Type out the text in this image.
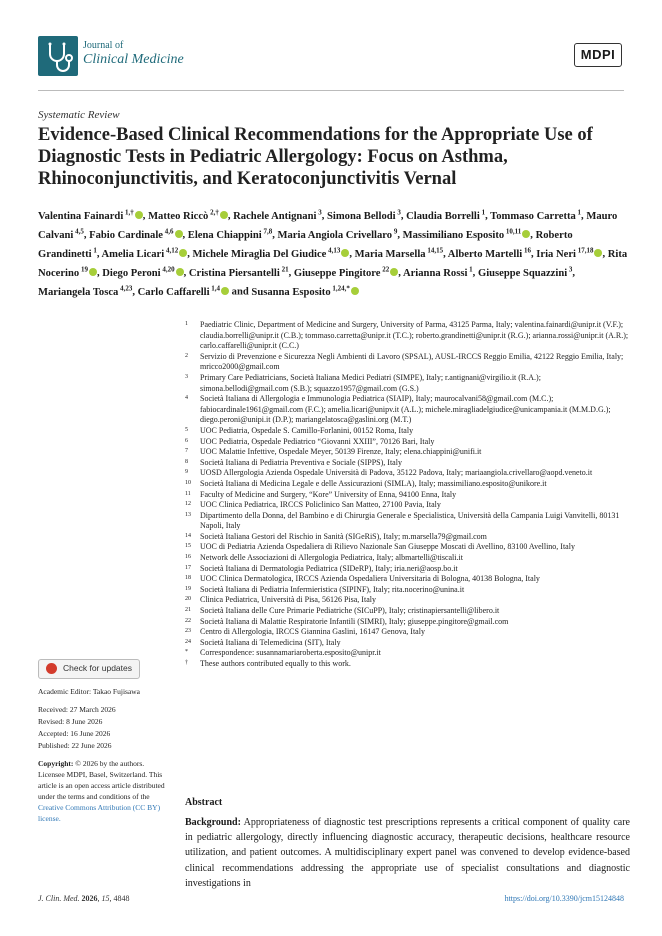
Journal of
Clinical Medicine	MDPI
Systematic Review
Evidence-Based Clinical Recommendations for the Appropriate Use of Diagnostic Tests in Pediatric Allergology: Focus on Asthma, Rhinoconjunctivitis, and Keratoconjunctivitis Vernal
Valentina Fainardi $^{1,\dagger}$ , Matteo Riccò $^{2,\dagger}$ , Rachele Antignani $^3$, Simona Bellodi $^3$, Claudia Borrelli $^1$, Tommaso Carretta $^1$, Mauro Calvani $^{4,5}$, Fabio Cardinale $^{4,6}$ , Elena Chiappini $^{7,8}$, Maria Angiola Crivellaro $^9$, Massimiliano Esposito $^{10,11}$ , Roberto Grandinetti $^1$, Amelia Licari $^{4,12}$ , Michele Miraglia Del Giudice $^{4,13}$ , Maria Marsella $^{14,15}$, Alberto Martelli $^{16}$, Iria Neri $^{17,18}$ , Rita Nocerino $^{19}$ , Diego Peroni $^{4,20}$ , Cristina Piersantelli $^{21}$, Giuseppe Pingitore $^{22}$ , Arianna Rossi $^1$, Giuseppe Squazzini $^3$, Mariangela Tosca $^{4,23}$, Carlo Caffarelli $^{1,4}$ and Susanna Esposito $^{1,24,*}$
1	Paediatric Clinic, Department of Medicine and Surgery, University of Parma, 43125 Parma, Italy; valentina.fainardi@unipr.it (V.F.); claudia.borrelli@unipr.it (C.B.); tommaso.carretta@unipr.it (T.C.); roberto.grandinetti@unipr.it (R.G.); arianna.rossi@unipr.it (A.R.); carlo.caffarelli@unipr.it (C.C.)
2	Servizio di Prevenzione e Sicurezza Negli Ambienti di Lavoro (SPSAL), AUSL-IRCCS Reggio Emilia, 42122 Reggio Emilia, Italy; mricco2000@gmail.com
3	Primary Care Pediatricians, Società Italiana Medici Pediatri (SIMPE), Italy; r.antignani@virgilio.it (R.A.); simona.bellodi@gmail.com (S.B.); squazzo1957@gmail.com (G.S.)
4	Società Italiana di Allergologia e Immunologia Pediatrica (SIAIP), Italy; maurocalvani58@gmail.com (M.C.); fabiocardinale1961@gmail.com (F.C.); amelia.licari@unipv.it (A.L.); michele.miragliadelgiudice@unicampania.it (M.M.D.G.); diego.peroni@unipi.it (D.P.); mariangelatosca@gaslini.org (M.T.)
5	UOC Pediatria, Ospedale S. Camillo-Forlanini, 00152 Roma, Italy
6	UOC Pediatria, Ospedale Pediatrico “Giovanni XXIII”, 70126 Bari, Italy
7	UOC Malattie Infettive, Ospedale Meyer, 50139 Firenze, Italy; elena.chiappini@unifi.it
8	Società Italiana di Pediatria Preventiva e Sociale (SIPPS), Italy
9	UOSD Allergologia Azienda Ospedale Università di Padova, 35122 Padova, Italy; mariaangiola.crivellaro@aopd.veneto.it
10	Società Italiana di Medicina Legale e delle Assicurazioni (SIMLA), Italy; massimiliano.esposito@unikore.it
11	Faculty of Medicine and Surgery, “Kore” University of Enna, 94100 Enna, Italy
12	UOC Clinica Pediatrica, IRCCS Policlinico San Matteo, 27100 Pavia, Italy
13	Dipartimento della Donna, del Bambino e di Chirurgia Generale e Specialistica, Università della Campania Luigi Vanvitelli, 80131 Napoli, Italy
14	Società Italiana Gestori del Rischio in Sanità (SIGeRiS), Italy; m.marsella79@gmail.com
15	UOC di Pediatria Azienda Ospedaliera di Rilievo Nazionale San Giuseppe Moscati di Avellino, 83100 Avellino, Italy
16	Network delle Associazioni di Allergologia Pediatrica, Italy; albmartelli@tiscali.it
17	Società Italiana di Dermatologia Pediatrica (SIDeRP), Italy; iria.neri@aosp.bo.it
18	UOC Clinica Dermatologica, IRCCS Azienda Ospedaliera Universitaria di Bologna, 40138 Bologna, Italy
19	Società Italiana di Pediatria Infermieristica (SIPINF), Italy; rita.nocerino@unina.it
20	Clinica Pediatrica, Università di Pisa, 56126 Pisa, Italy
21	Società Italiana delle Cure Primarie Pediatriche (SICuPP), Italy; cristinapiersantelli@libero.it
22	Società Italiana di Malattie Respiratorie Infantili (SIMRI), Italy; giuseppe.pingitore@gmail.com
23	Centro di Allergologia, IRCCS Giannina Gaslini, 16147 Genova, Italy
24	Società Italiana di Telemedicina (SIT), Italy
*	Correspondence: susannamariaroberta.esposito@unipr.it
†	These authors contributed equally to this work.
Check for updates
Academic Editor: Takao Fujisawa
Received: 27 March 2026
Revised: 8 June 2026
Accepted: 16 June 2026
Published: 22 June 2026
Copyright: © 2026 by the authors. Licensee MDPI, Basel, Switzerland. This article is an open access article distributed under the terms and conditions of the Creative Commons Attribution (CC BY) license.
Abstract
Background: Appropriateness of diagnostic test prescriptions represents a critical component of quality care in pediatric allergology, directly influencing diagnostic accuracy, therapeutic decisions, healthcare resource utilization, and patient outcomes. A multidisciplinary expert panel was convened to develop evidence-based clinical recommendations addressing the appropriate use of specialist consultations and diagnostic investigations in
J. Clin. Med. 2026, 15, 4848	https://doi.org/10.3390/jcm15124848
